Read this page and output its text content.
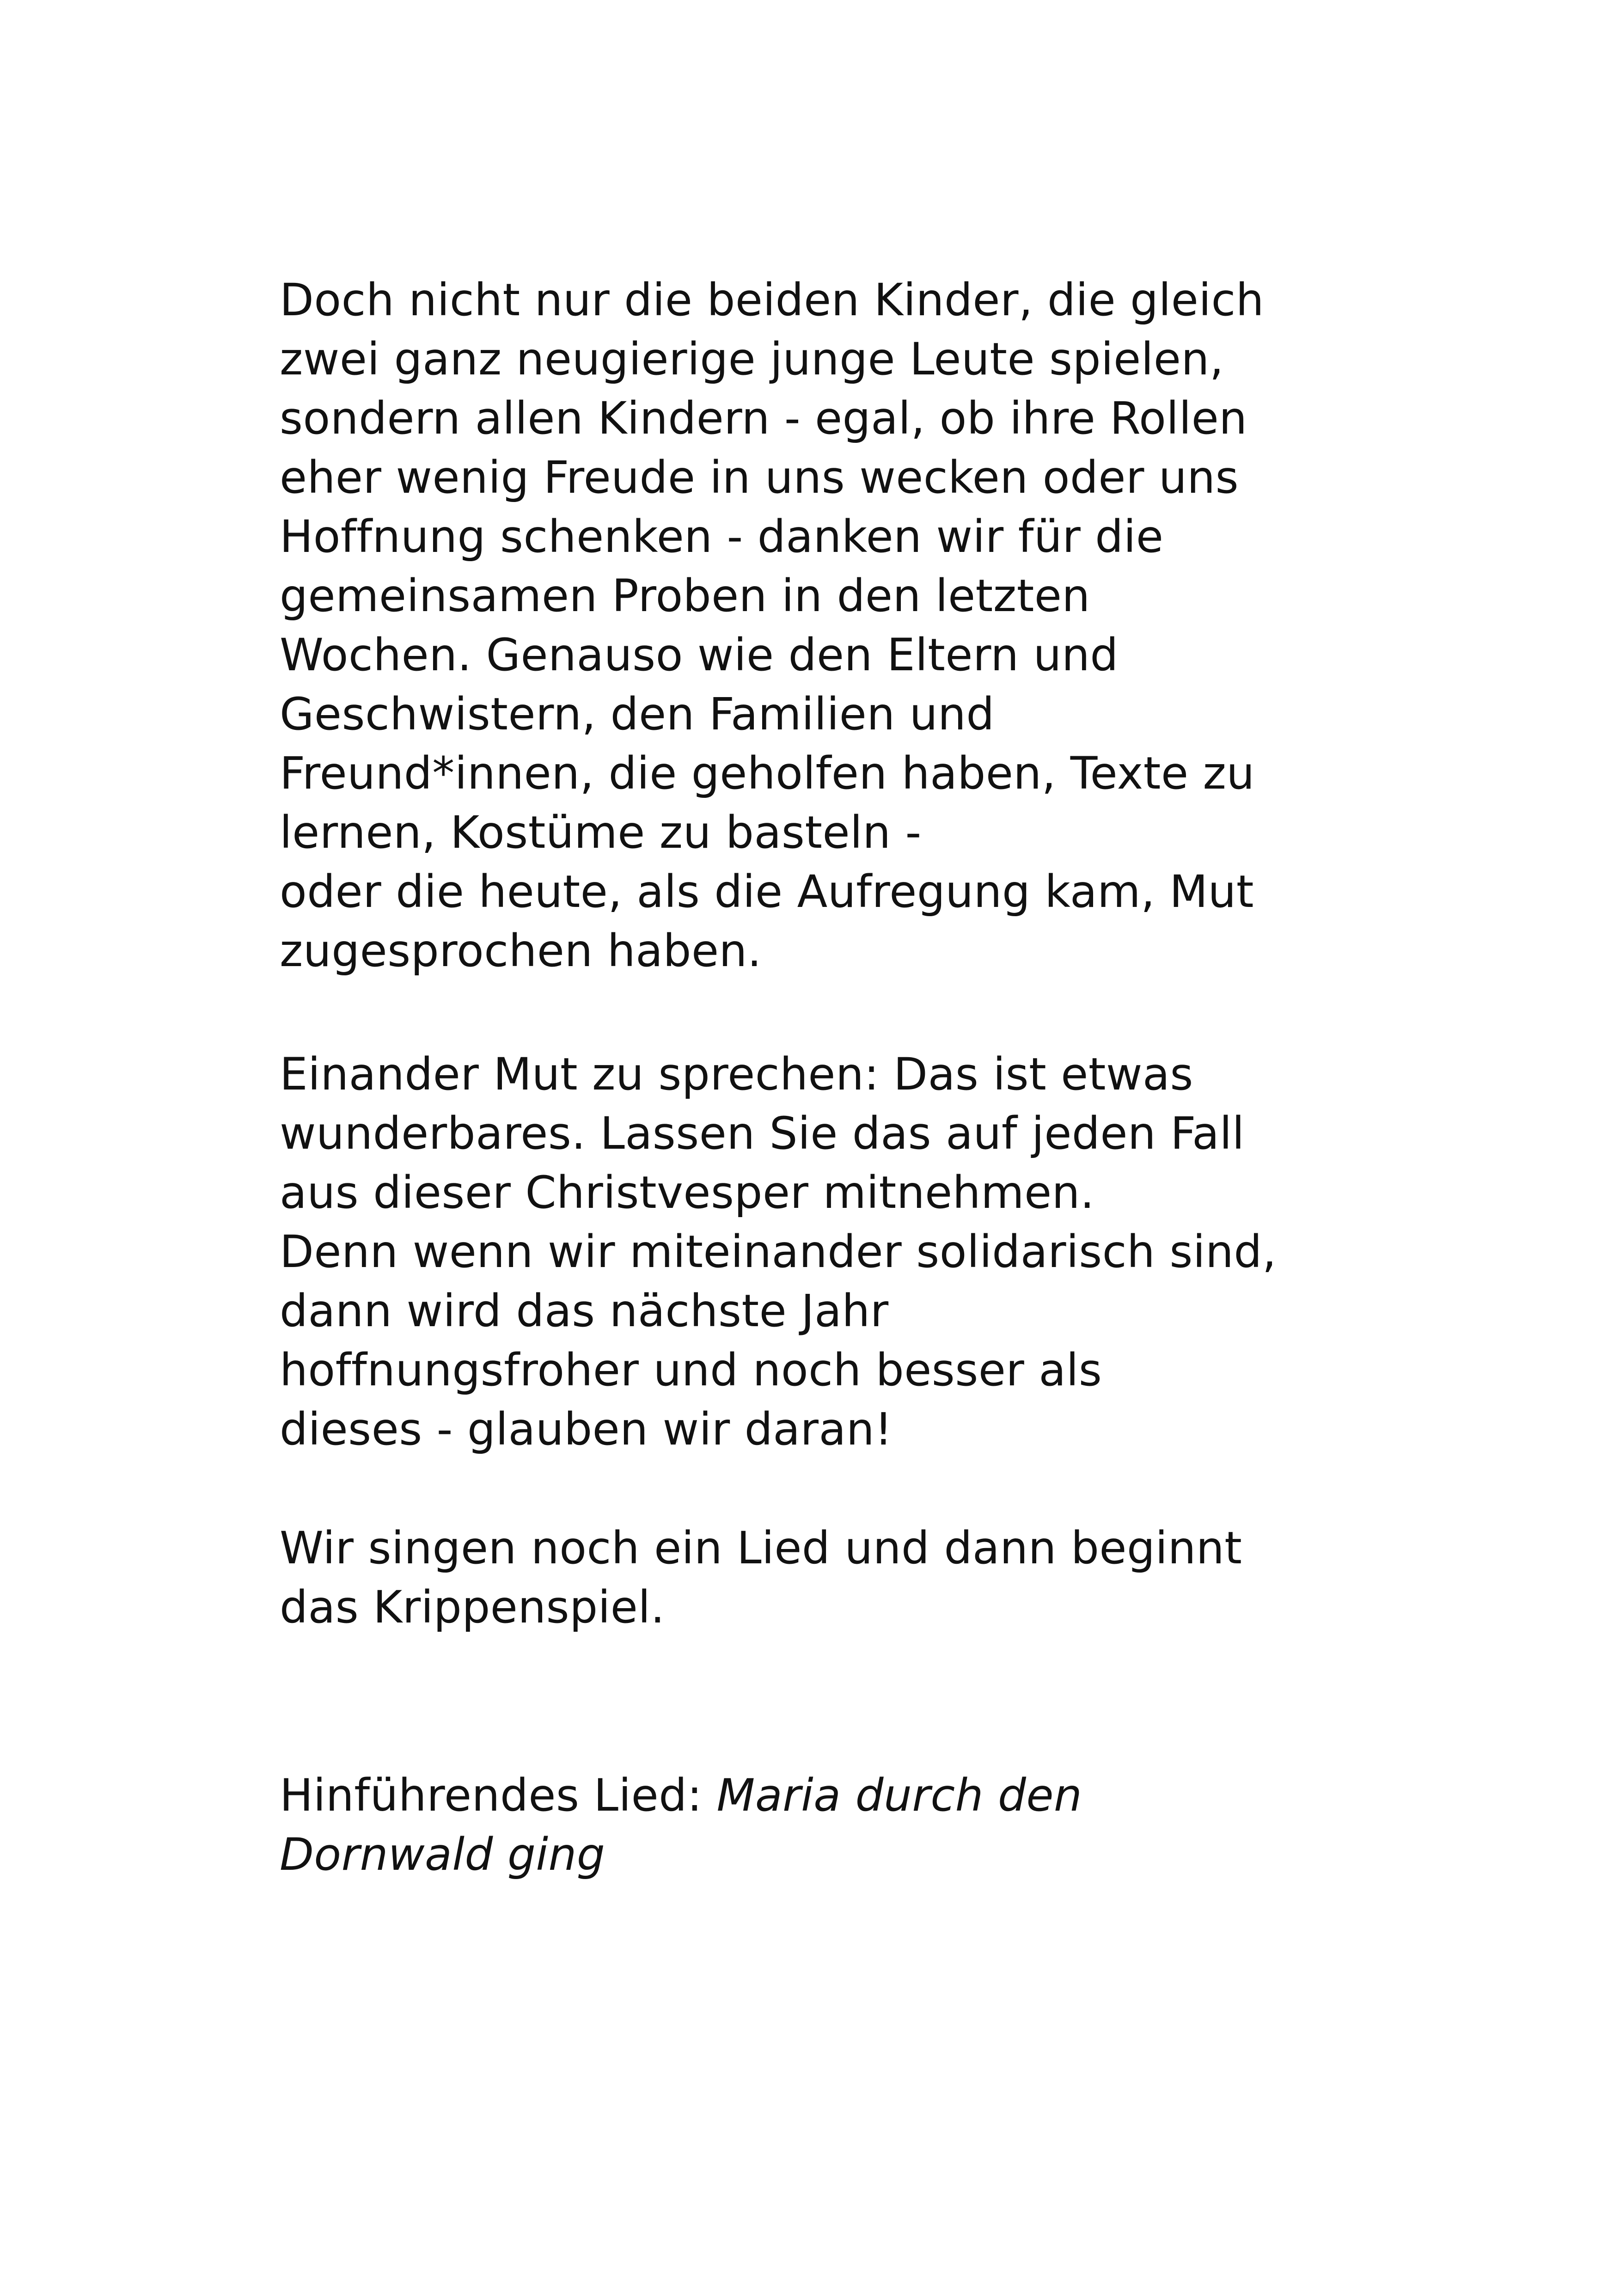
Doch nicht nur die beiden Kinder, die gleich
zwei ganz neugierige junge Leute spielen,
sondern allen Kindern - egal, ob ihre Rollen
eher wenig Freude in uns wecken oder uns
Hoffnung schenken - danken wir für die
gemeinsamen Proben in den letzten
Wochen. Genauso wie den Eltern und
Geschwistern, den Familien und
Freund*innen, die geholfen haben, Texte zu
lernen, Kostüme zu basteln -
oder die heute, als die Aufregung kam, Mut
zugesprochen haben.

Einander Mut zu sprechen: Das ist etwas
wunderbares. Lassen Sie das auf jeden Fall
aus dieser Christvesper mitnehmen.
Denn wenn wir miteinander solidarisch sind,
dann wird das nächste Jahr
hoffnungsfroher und noch besser als
dieses - glauben wir daran!

Wir singen noch ein Lied und dann beginnt
das Krippenspiel.

Hinführendes Lied: Maria durch den
Dornwald ging
